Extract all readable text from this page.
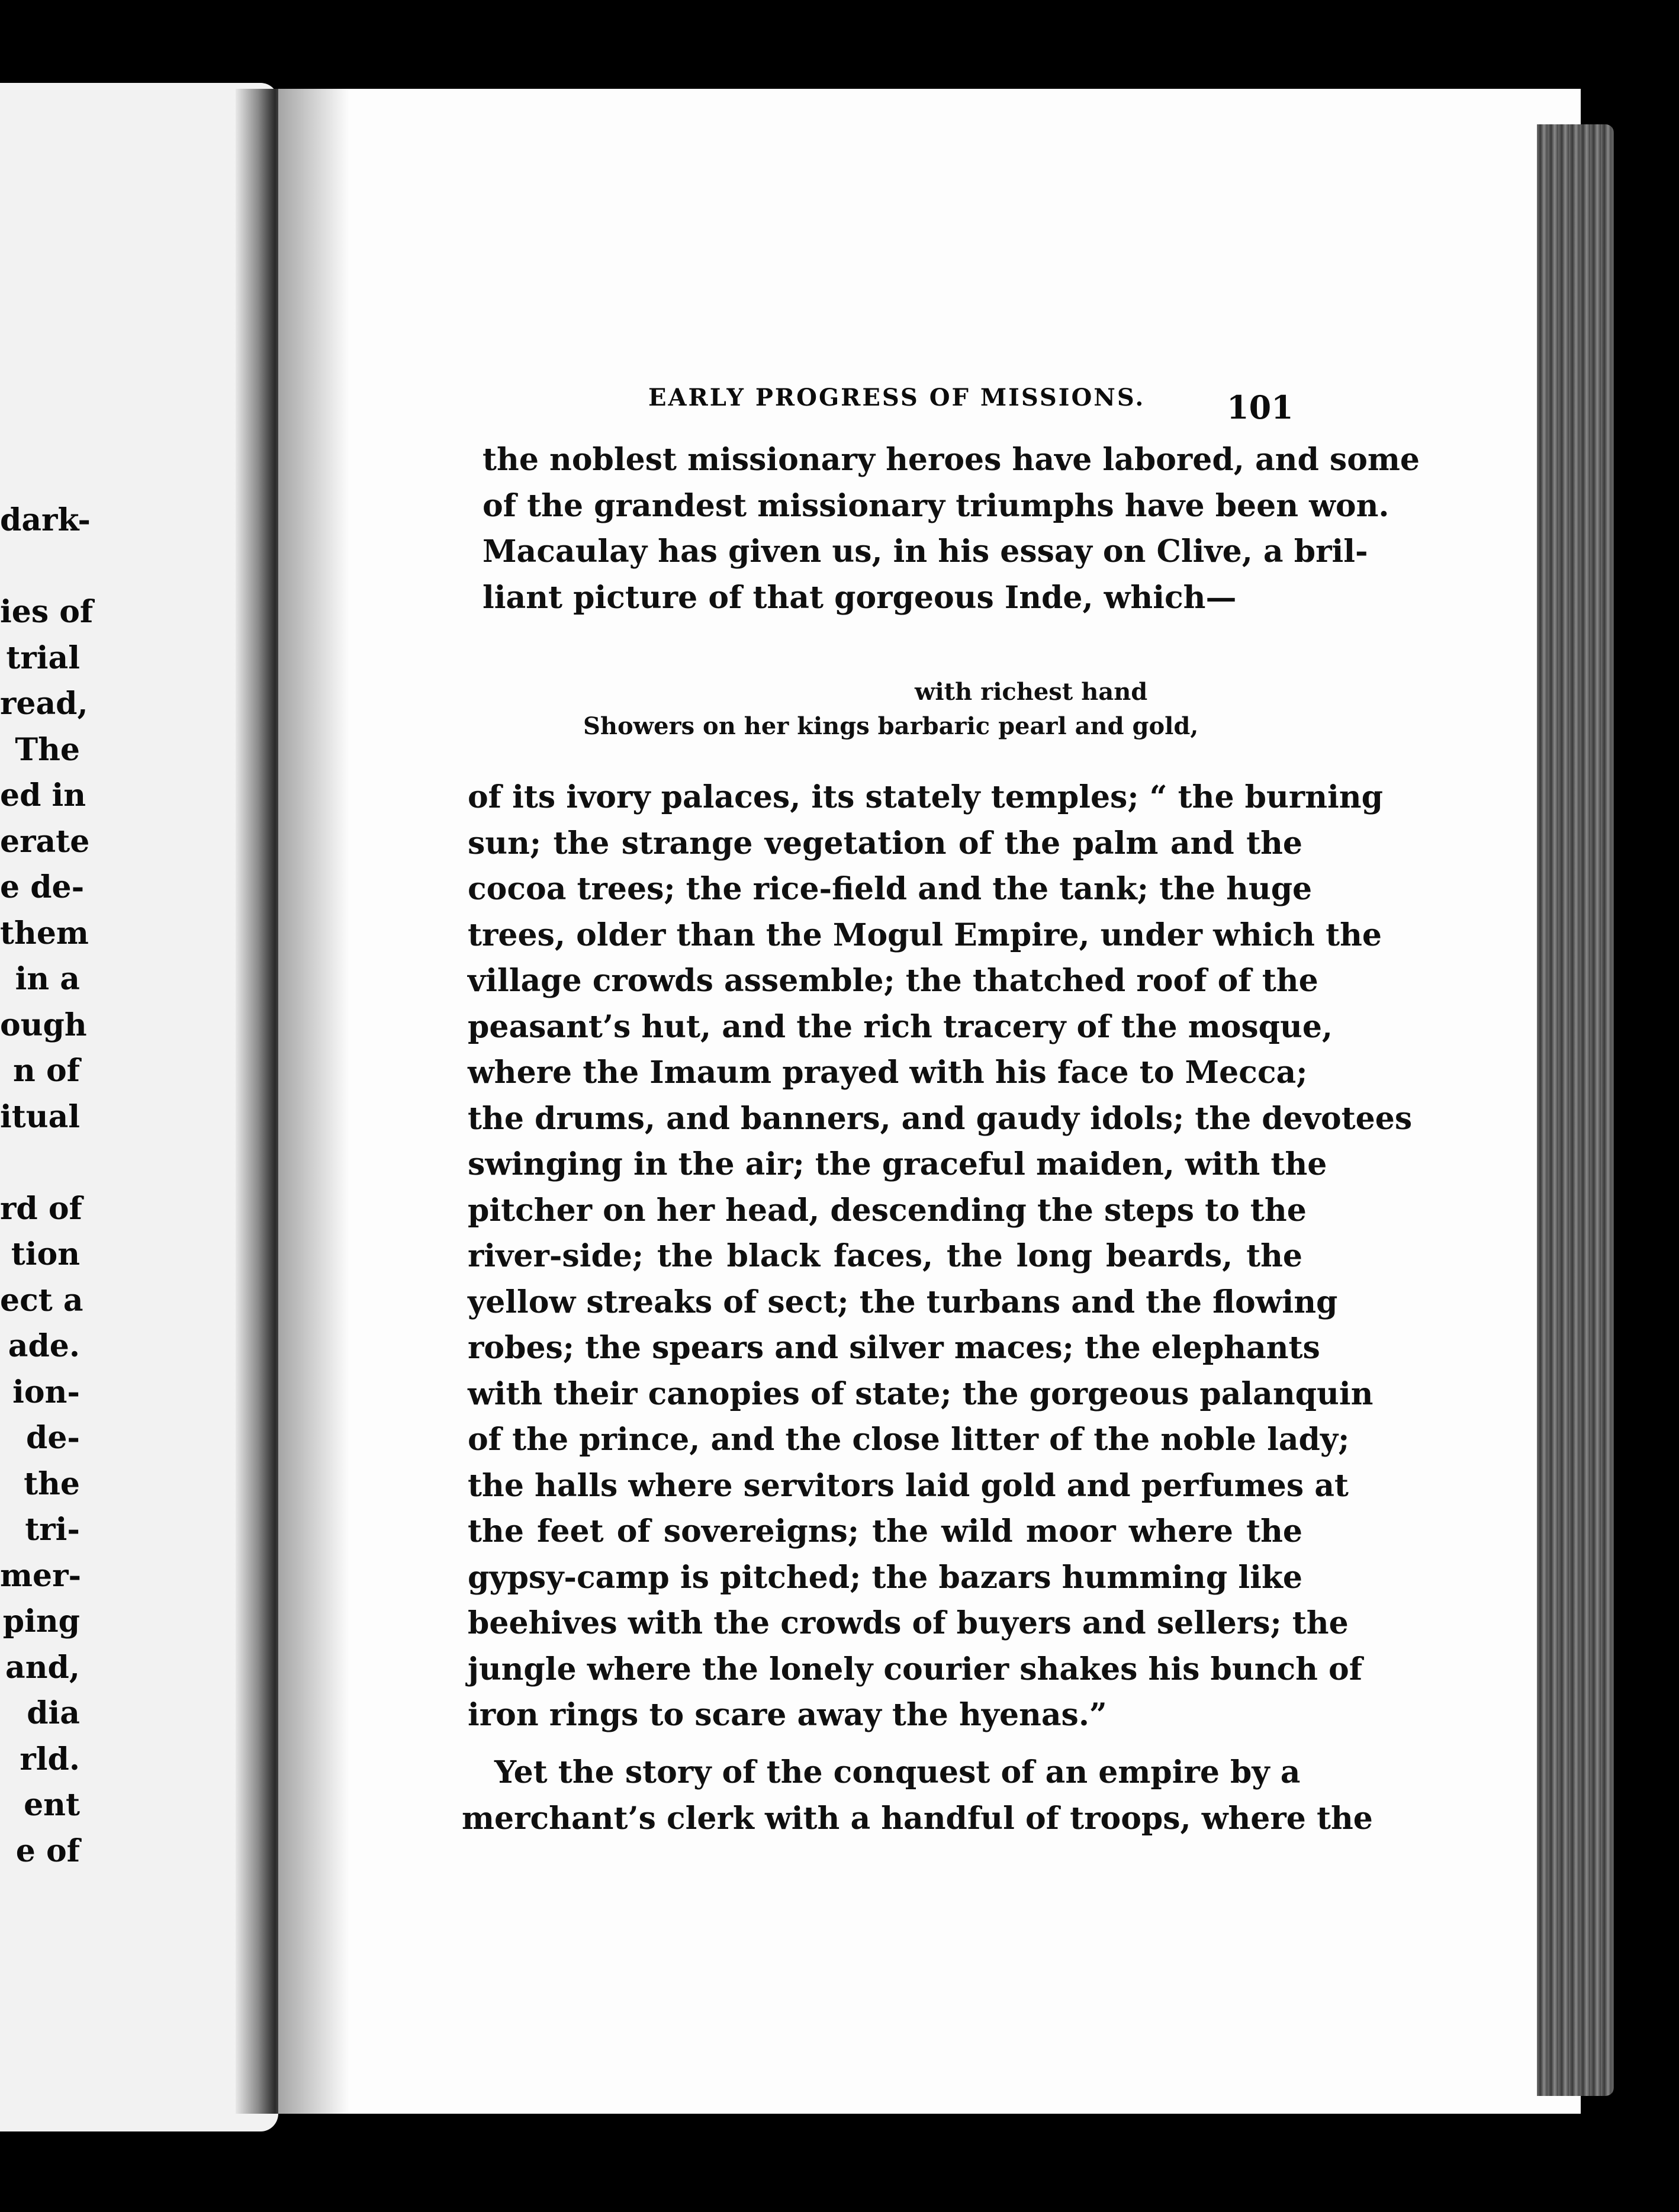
dark-
ies of
trial
read,
The
ed in
erate
e de-
them
in a
ough
n of
itual
rd of
tion
ect a
ade.
ion-
de-
the
tri-
mer-
ping
and,
dia
rld.
ent
e of
EARLY PROGRESS OF MISSIONS.	101
the noblest missionary heroes have labored, and some
of the grandest missionary triumphs have been won.
Macaulay has given us, in his essay on Clive, a bril-
liant picture of that gorgeous Inde, which—
with richest hand
Showers on her kings barbaric pearl and gold,
of its ivory palaces, its stately temples; “ the burning
sun; the strange vegetation of the palm and the
cocoa trees; the rice-field and the tank; the huge
trees, older than the Mogul Empire, under which the
village crowds assemble; the thatched roof of the
peasant’s hut, and the rich tracery of the mosque,
where the Imaum prayed with his face to Mecca;
the drums, and banners, and gaudy idols; the devotees
swinging in the air; the graceful maiden, with the
pitcher on her head, descending the steps to the
river-side; the black faces, the long beards, the
yellow streaks of sect; the turbans and the flowing
robes; the spears and silver maces; the elephants
with their canopies of state; the gorgeous palanquin
of the prince, and the close litter of the noble lady;
the halls where servitors laid gold and perfumes at
the feet of sovereigns; the wild moor where the
gypsy-camp is pitched; the bazars humming like
beehives with the crowds of buyers and sellers; the
jungle where the lonely courier shakes his bunch of
iron rings to scare away the hyenas.”
Yet the story of the conquest of an empire by a
merchant’s clerk with a handful of troops, where the
